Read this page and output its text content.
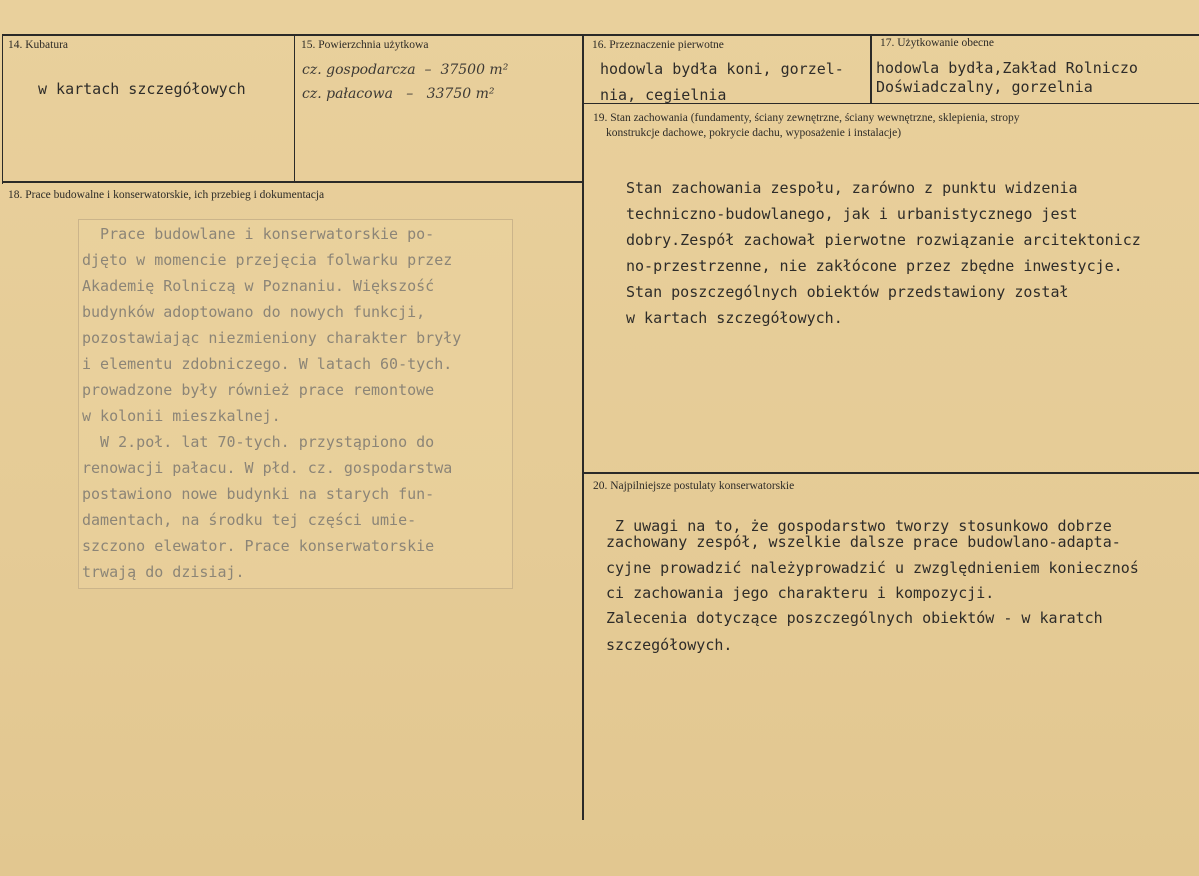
14. Kubatura
w kartach szczegółowych
15. Powierzchnia użytkowa
cz. gospodarcza  –  37500 m²
cz. pałacowa   –   33750 m²
16. Przeznaczenie pierwotne
hodowla bydła koni, gorzel-
nia, cegielnia
17. Użytkowanie obecne
hodowla bydła,Zakład Rolniczo
Doświadczalny, gorzelnia
18. Prace budowalne i konserwatorskie, ich przebieg i dokumentacja
Prace budowlane i konserwatorskie po-
djęto w momencie przejęcia folwarku przez
Akademię Rolniczą w Poznaniu. Większość
budynków adoptowano do nowych funkcji,
pozostawiając niezmieniony charakter bryły
i elementu zdobniczego. W latach 60-tych.
prowadzone były również prace remontowe
w kolonii mieszkalnej.
W 2.poł. lat 70-tych. przystąpiono do
renowacji pałacu. W płd. cz. gospodarstwa
postawiono nowe budynki na starych fun-
damentach, na środku tej części umie-
szczono elewator. Prace konserwatorskie
trwają do dzisiaj.
19. Stan zachowania (fundamenty, ściany zewnętrzne, ściany wewnętrzne, sklepienia, stropy
konstrukcje dachowe, pokrycie dachu, wyposażenie i instalacje)
Stan zachowania zespołu, zarówno z punktu widzenia
techniczno-budowlanego, jak i urbanistycznego jest
dobry.Zespół zachował pierwotne rozwiązanie arcitektonicz
no-przestrzenne, nie zakłócone przez zbędne inwestycje.
Stan poszczególnych obiektów przedstawiony został
w kartach szczegółowych.
20. Najpilniejsze postulaty konserwatorskie
Z uwagi na to, że gospodarstwo tworzy stosunkowo dobrze
zachowany zespół, wszelkie dalsze prace budowlano-adapta-
cyjne prowadzić należyprowadzić u zwzględnieniem koniecznoś
ci zachowania jego charakteru i kompozycji.
Zalecenia dotyczące poszczególnych obiektów - w karatch
szczegółowych.
